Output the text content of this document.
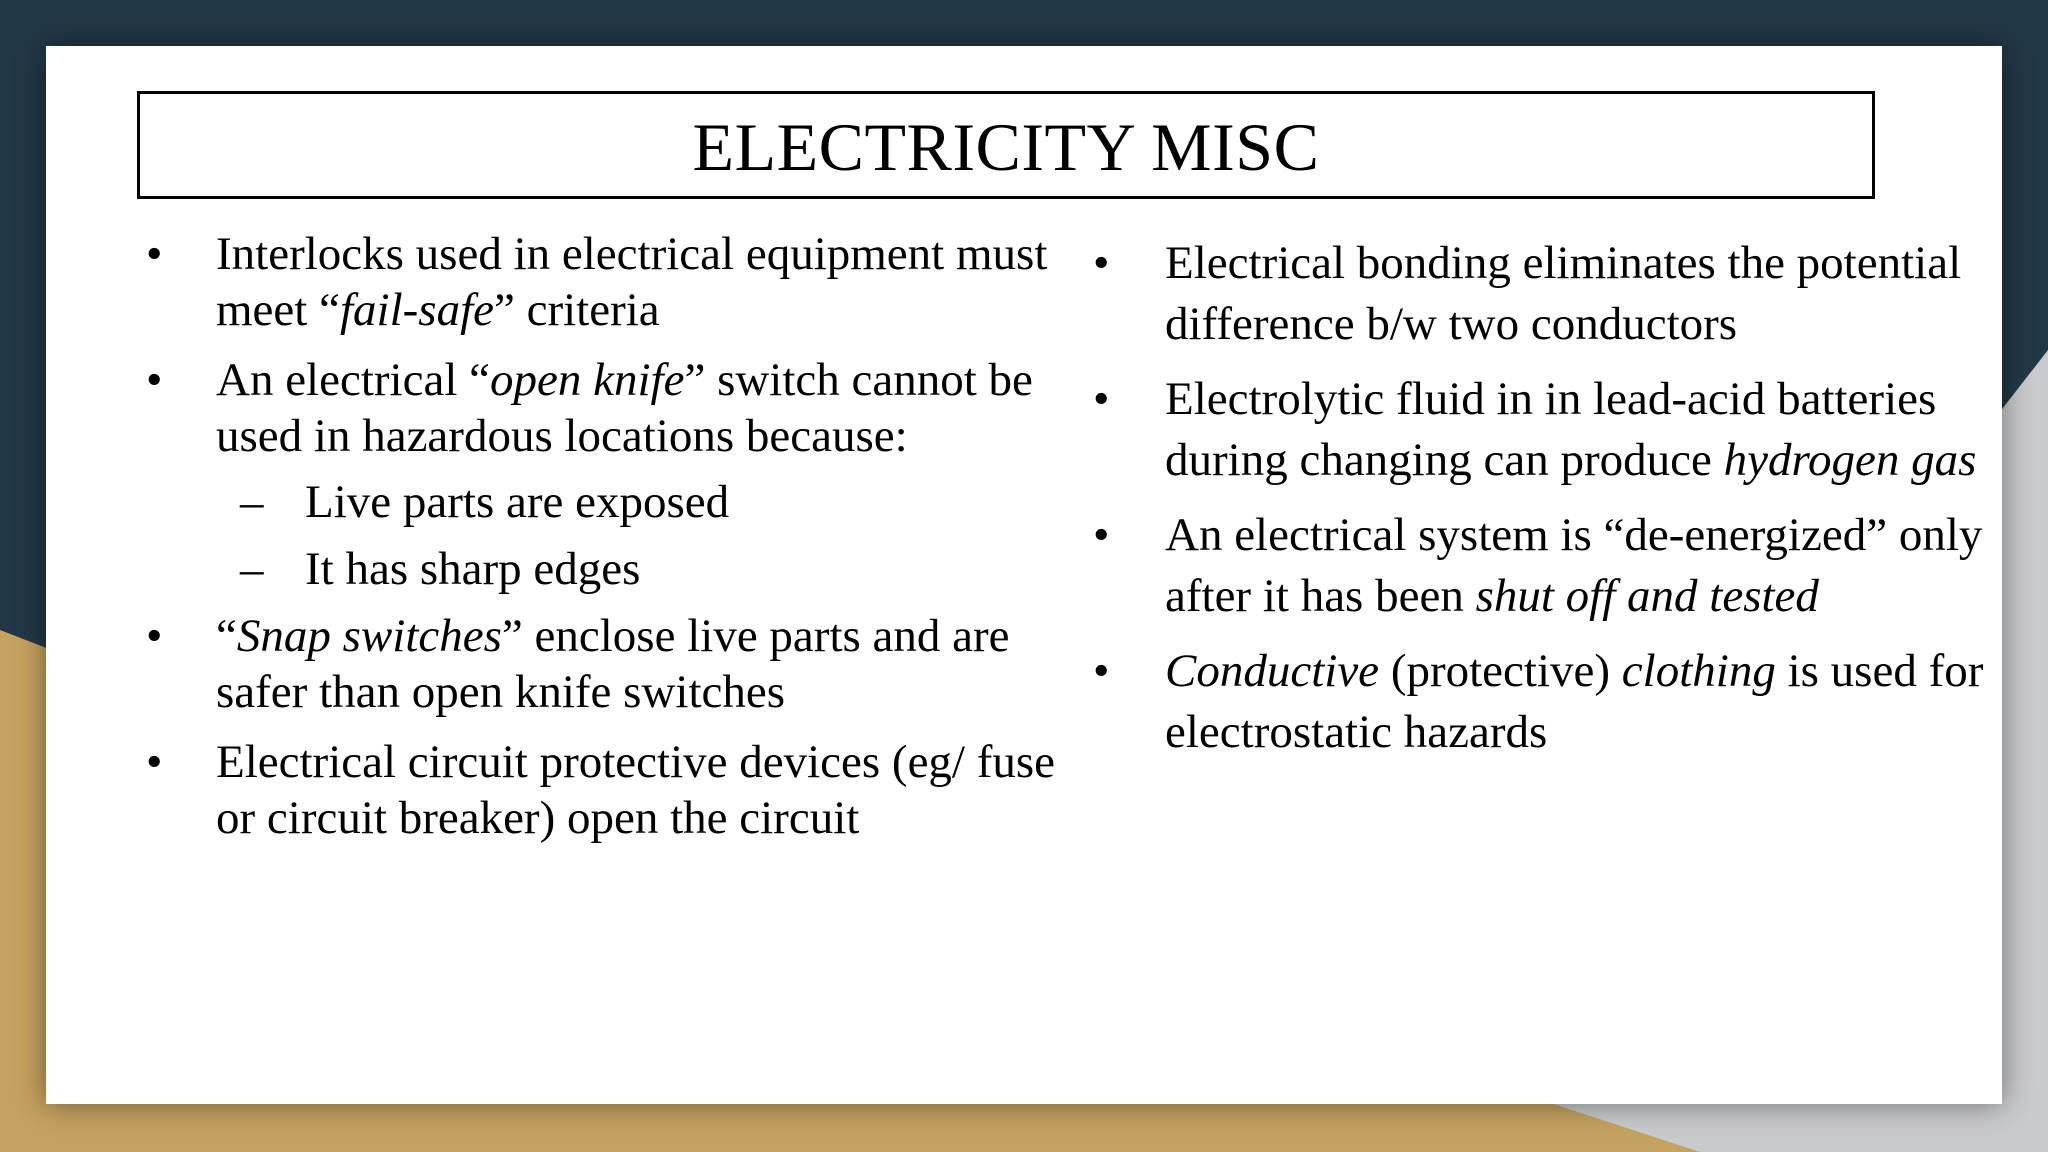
ELECTRICITY MISC
• Interlocks used in electrical equipment must meet “fail-safe” criteria
• An electrical “open knife” switch cannot be used in hazardous locations because:
– Live parts are exposed
– It has sharp edges
• “Snap switches” enclose live parts and are safer than open knife switches
• Electrical circuit protective devices (eg/ fuse or circuit breaker) open the circuit
• Electrical bonding eliminates the potential difference b/w two conductors
• Electrolytic fluid in in lead-acid batteries during changing can produce hydrogen gas
• An electrical system is “de-energized” only after it has been shut off and tested
• Conductive (protective) clothing is used for electrostatic hazards
